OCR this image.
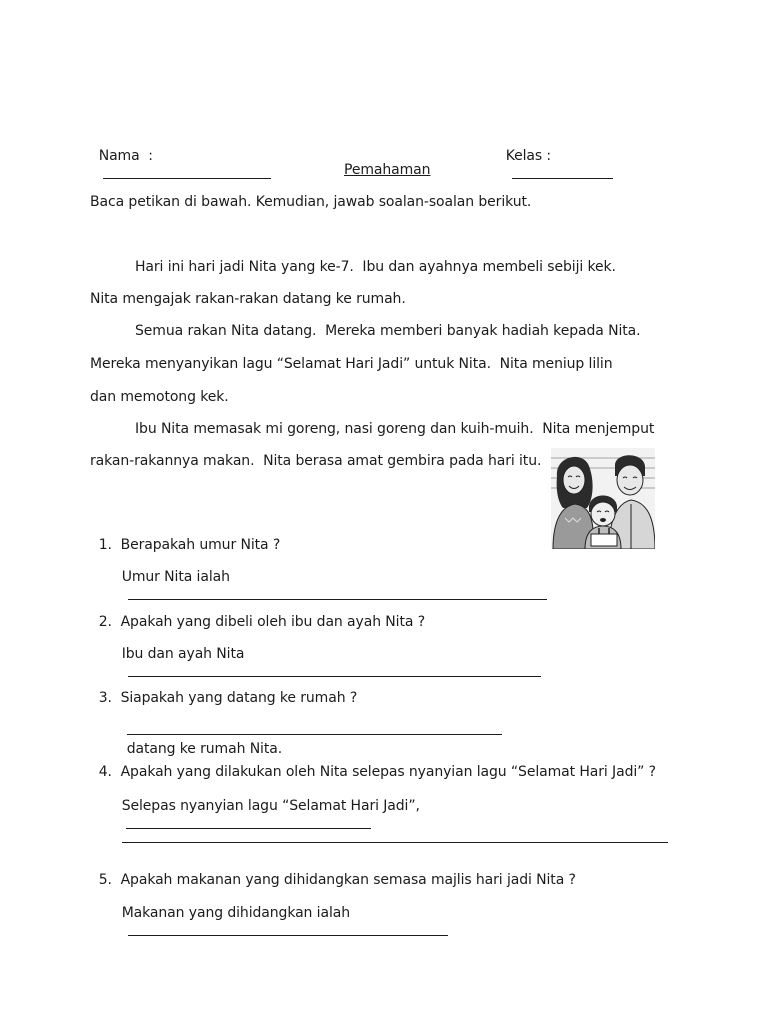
Nama  :
	Kelas :

Pemahaman
Baca petikan di bawah. Kemudian, jawab soalan-soalan berikut.
Hari ini hari jadi Nita yang ke-7.  Ibu dan ayahnya membeli sebiji kek.
Nita mengajak rakan-rakan datang ke rumah.
Semua rakan Nita datang.  Mereka memberi banyak hadiah kepada Nita.
Mereka menyanyikan lagu “Selamat Hari Jadi” untuk Nita.  Nita meniup lilin
dan memotong kek.
Ibu Nita memasak mi goreng, nasi goreng dan kuih-muih.  Nita menjemput
rakan-rakannya makan.  Nita berasa amat gembira pada hari itu.

1. Berapakah umur Nita ?

Umur Nita ialah

2. Apakah yang dibeli oleh ibu dan ayah Nita ?

Ibu dan ayah Nita

3. Siapakah yang datang ke rumah ?

datang ke rumah Nita.

4. Apakah yang dilakukan oleh Nita selepas nyanyian lagu “Selamat Hari Jadi” ?

Selepas nyanyian lagu “Selamat Hari Jadi”,

5. Apakah makanan yang dihidangkan semasa majlis hari jadi Nita ?

Makanan yang dihidangkan ialah
